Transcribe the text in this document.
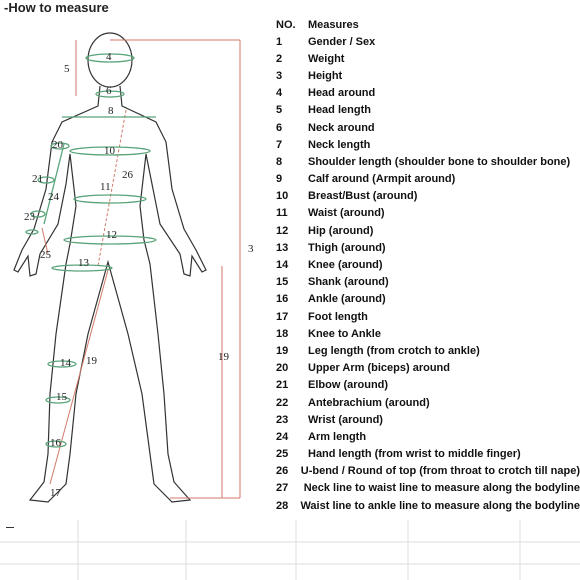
-How to measure
4
5
6
8
20	10
26
21
11
24
23
12
3
25
13
14 19	19
15
16
17
NO.	Measures
1	Gender / Sex
2	Weight
3	Height
4	Head around
5	Head length
6	Neck around
7	Neck length
8	Shoulder length (shoulder bone to shoulder bone)
9	Calf around (Armpit around)
10	Breast/Bust (around)
11	Waist (around)
12	Hip (around)
13	Thigh (around)
14	Knee (around)
15	Shank (around)
16	Ankle (around)
17	Foot length
18	Knee to Ankle
19	Leg length (from crotch to ankle)
20	Upper Arm (biceps) around
21	Elbow (around)
22	Antebrachium (around)
23	Wrist (around)
24	Arm length
25	Hand length (from wrist to middle finger)
26	U-bend / Round of top (from throat to crotch till nape)
27	Neck line to waist line to measure along the bodyline
28	Waist line to ankle line to measure along the bodyline
